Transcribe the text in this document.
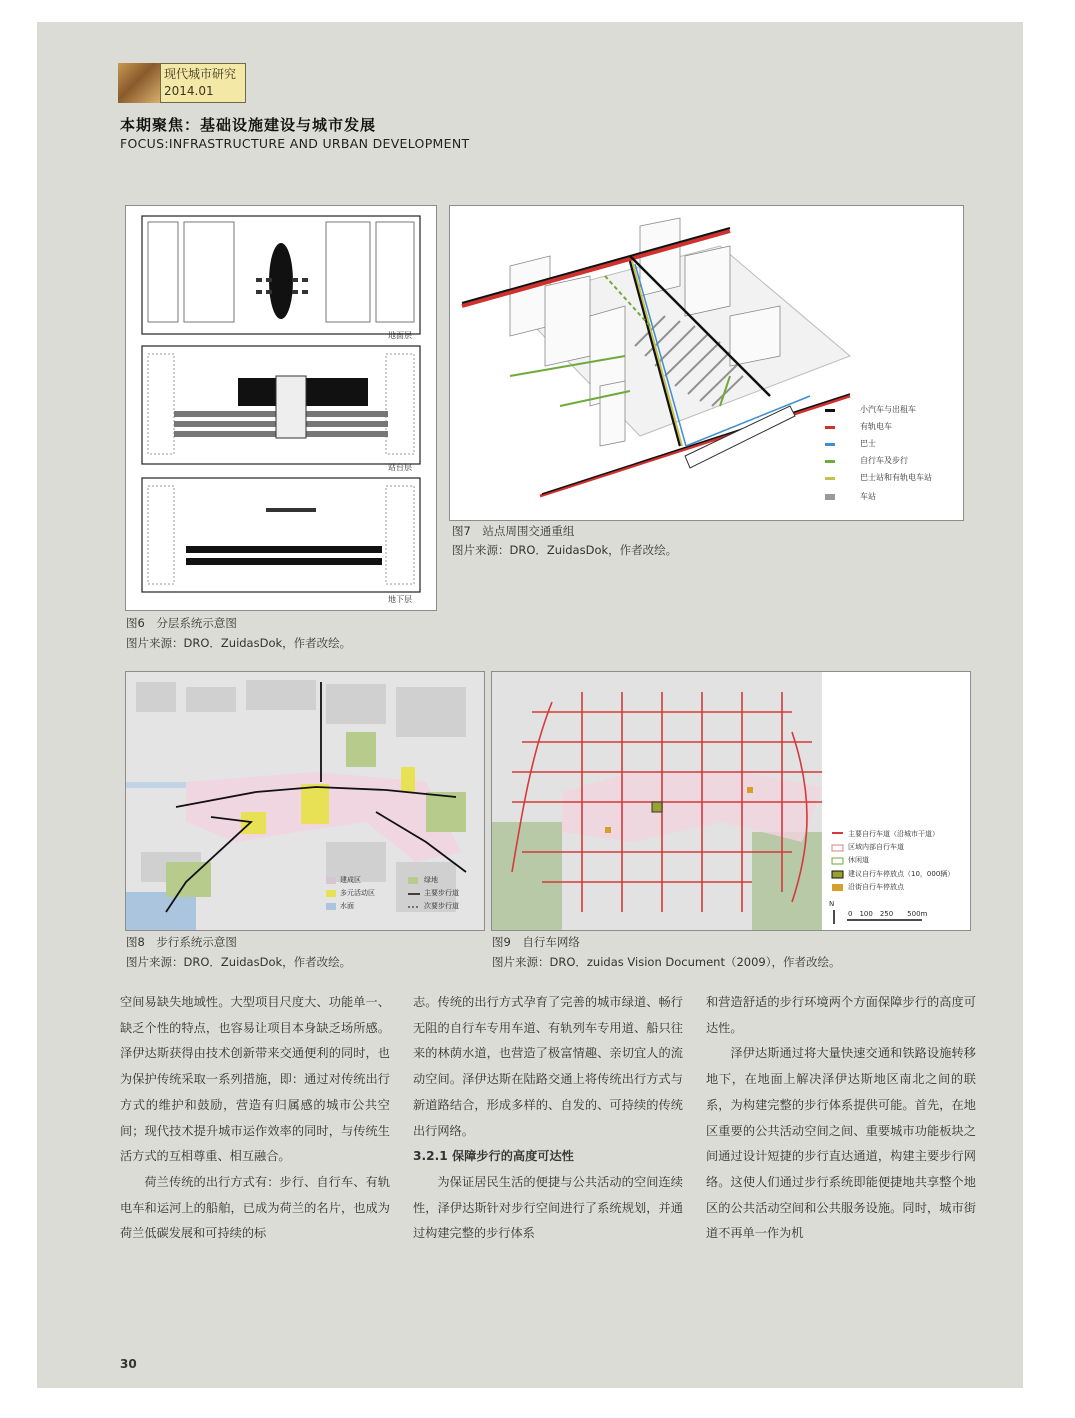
现代城市研究
2014.01
本期聚焦：基础设施建设与城市发展
FOCUS:INFRASTRUCTURE AND URBAN DEVELOPMENT
地面层
站台层
地下层
图6　分层系统示意图
图片来源：DRO．ZuidasDok，作者改绘。
小汽车与出租车
有轨电车
巴士
自行车及步行
巴士站和有轨电车站
车站
图7　站点周围交通重组
图片来源：DRO．ZuidasDok，作者改绘。
建成区
多元活动区
水面
绿地
主要步行道
次要步行道
图8　步行系统示意图
图片来源：DRO．ZuidasDok，作者改绘。
主要自行车道（沿城市干道）
区域内部自行车道
休闲道
建议自行车停放点（10，000辆）
沿街自行车停放点
N
0　100　250　　500m
图9　自行车网络
图片来源：DRO．zuidas Vision Document（2009），作者改绘。

空间易缺失地域性。大型项目尺度大、功能单一、缺乏个性的特点，也容易让项目本身缺乏场所感。泽伊达斯获得由技术创新带来交通便利的同时，也为保护传统采取一系列措施，即：通过对传统出行方式的维护和鼓励，营造有归属感的城市公共空间；现代技术提升城市运作效率的同时，与传统生活方式的互相尊重、相互融合。

荷兰传统的出行方式有：步行、自行车、有轨电车和运河上的船舶，已成为荷兰的名片，也成为荷兰低碳发展和可持续的标

志。传统的出行方式孕育了完善的城市绿道、畅行无阻的自行车专用车道、有轨列车专用道、船只往来的林荫水道，也营造了极富情趣、亲切宜人的流动空间。泽伊达斯在陆路交通上将传统出行方式与新道路结合，形成多样的、自发的、可持续的传统出行网络。

3.2.1 保障步行的高度可达性

为保证居民生活的便捷与公共活动的空间连续性，泽伊达斯针对步行空间进行了系统规划，并通过构建完整的步行体系

和营造舒适的步行环境两个方面保障步行的高度可达性。

泽伊达斯通过将大量快速交通和铁路设施转移地下，在地面上解决泽伊达斯地区南北之间的联系，为构建完整的步行体系提供可能。首先，在地区重要的公共活动空间之间、重要城市功能板块之间通过设计短捷的步行直达通道，构建主要步行网络。这使人们通过步行系统即能便捷地共享整个地区的公共活动空间和公共服务设施。同时，城市街道不再单一作为机

30
